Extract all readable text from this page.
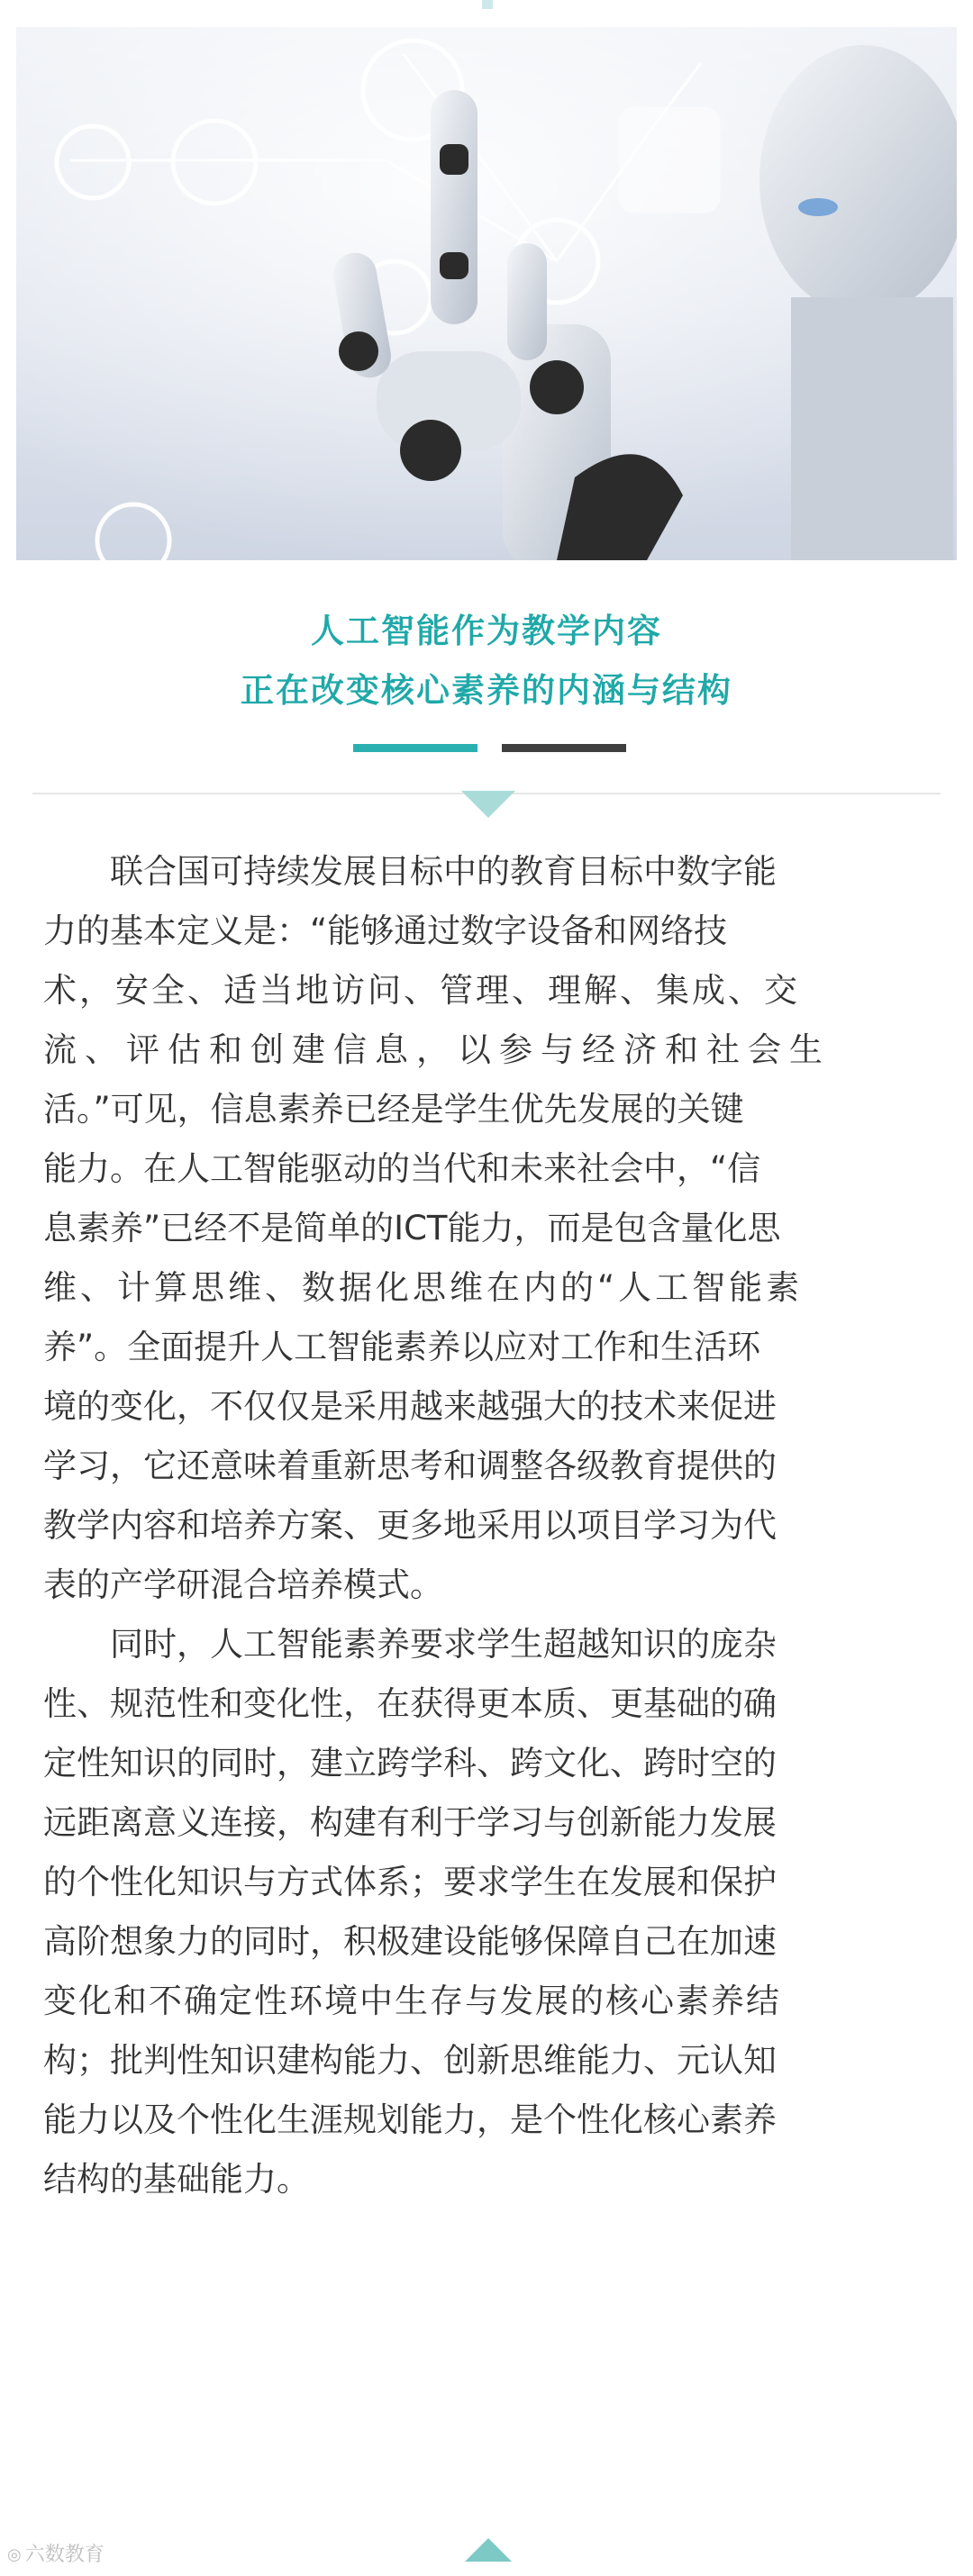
人工智能作为教学内容
正在改变核心素养的内涵与结构
联合国可持续发展目标中的教育目标中数字能
力的基本定义是：“能够通过数字设备和网络技
术，安全、适当地访问、管理、理解、集成、交
流、评估和创建信息，以参与经济和社会生
活。”可见，信息素养已经是学生优先发展的关键
能力。在人工智能驱动的当代和未来社会中，“信
息素养”已经不是简单的ICT能力，而是包含量化思
维、计算思维、数据化思维在内的“人工智能素
养”。全面提升人工智能素养以应对工作和生活环
境的变化，不仅仅是采用越来越强大的技术来促进
学习，它还意味着重新思考和调整各级教育提供的
教学内容和培养方案、更多地采用以项目学习为代
表的产学研混合培养模式。
同时，人工智能素养要求学生超越知识的庞杂
性、规范性和变化性，在获得更本质、更基础的确
定性知识的同时，建立跨学科、跨文化、跨时空的
远距离意义连接，构建有利于学习与创新能力发展
的个性化知识与方式体系；要求学生在发展和保护
高阶想象力的同时，积极建设能够保障自己在加速
变化和不确定性环境中生存与发展的核心素养结
构；批判性知识建构能力、创新思维能力、元认知
能力以及个性化生涯规划能力，是个性化核心素养
结构的基础能力。
◎ 六数教育
